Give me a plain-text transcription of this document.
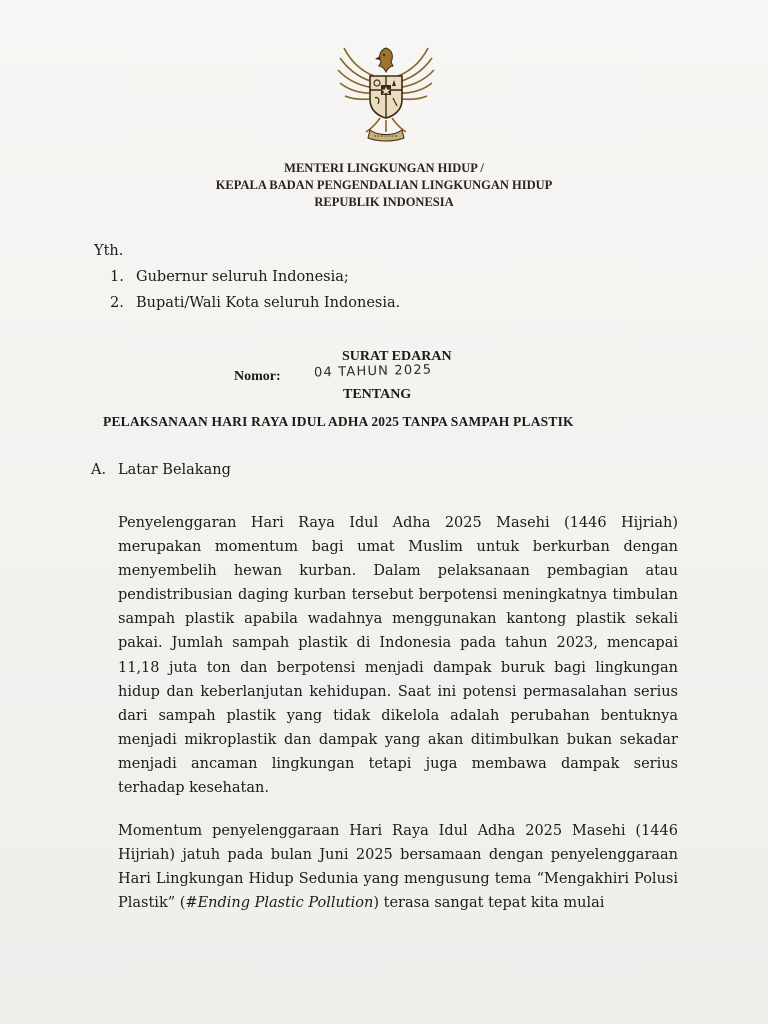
MENTERI LINGKUNGAN HIDUP /
KEPALA BADAN PENGENDALIAN LINGKUNGAN HIDUP
REPUBLIK INDONESIA
Yth.
1. Gubernur seluruh Indonesia;
2. Bupati/Wali Kota seluruh Indonesia.
SURAT EDARAN
Nomor:	04 TAHUN 2025
TENTANG
PELAKSANAAN HARI RAYA IDUL ADHA 2025 TANPA SAMPAH PLASTIK
A. Latar Belakang
Penyelenggaran Hari Raya Idul Adha 2025 Masehi (1446 Hijriah) merupakan momentum bagi umat Muslim untuk berkurban dengan menyembelih hewan kurban. Dalam pelaksanaan pembagian atau pendistribusian daging kurban tersebut berpotensi meningkatnya timbulan sampah plastik apabila wadahnya menggunakan kantong plastik sekali pakai. Jumlah sampah plastik di Indonesia pada tahun 2023, mencapai 11,18 juta ton dan berpotensi menjadi dampak buruk bagi lingkungan hidup dan keberlanjutan kehidupan. Saat ini potensi permasalahan serius dari sampah plastik yang tidak dikelola adalah perubahan bentuknya menjadi mikroplastik dan dampak yang akan ditimbulkan bukan sekadar menjadi ancaman lingkungan tetapi juga membawa dampak serius terhadap kesehatan.
Momentum penyelenggaraan Hari Raya Idul Adha 2025 Masehi (1446 Hijriah) jatuh pada bulan Juni 2025 bersamaan dengan penyelenggaraan Hari Lingkungan Hidup Sedunia yang mengusung tema “Mengakhiri Polusi Plastik” (#Ending Plastic Pollution) terasa sangat tepat kita mulai
